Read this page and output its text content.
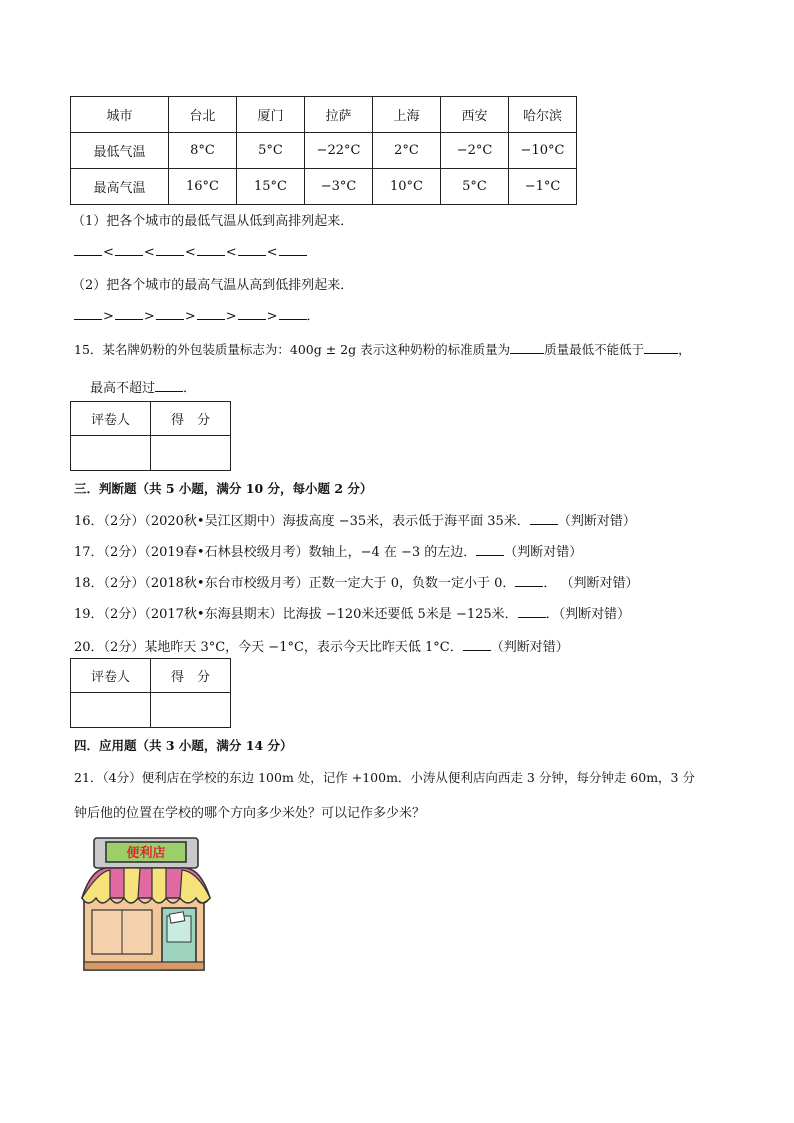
城市	台北	厦门	拉萨	上海	西安	哈尔滨
最低气温	8°C	5°C	−22°C	2°C	−2°C	−10°C
最高气温	16°C	15°C	−3°C	10°C	5°C	−1°C
（1）把各个城市的最低气温从低到高排列起来．
< < < < <
（2）把各个城市的最高气温从高到低排列起来．
> > > > > ．
15．某名牌奶粉的外包装质量标志为：400g ± 2g 表示这种奶粉的标准质量为	质量最低不能低于	，
最高不超过 ．
评卷人	得　分

三．判断题（共 5 小题，满分 10 分，每小题 2 分）
16．（2分）（2020秋•吴江区期中）海拔高度 −35米，表示低于海平面 35米． （判断对错）
17．（2分）（2019春•石林县校级月考）数轴上，−4 在 −3 的左边． （判断对错）
18．（2分）（2018秋•东台市校级月考）正数一定大于 0，负数一定小于 0． ． （判断对错）
19．（2分）（2017秋•东海县期末）比海拔 −120米还要低 5米是 −125米． ．（判断对错）
20．（2分）某地昨天 3°C，今天 −1°C，表示今天比昨天低 1°C． （判断对错）
评卷人	得　分

四．应用题（共 3 小题，满分 14 分）
21．（4分）便利店在学校的东边 100m 处，记作 +100m．小涛从便利店向西走 3 分钟，每分钟走 60m，3 分
钟后他的位置在学校的哪个方向多少米处？可以记作多少米？
便利店
